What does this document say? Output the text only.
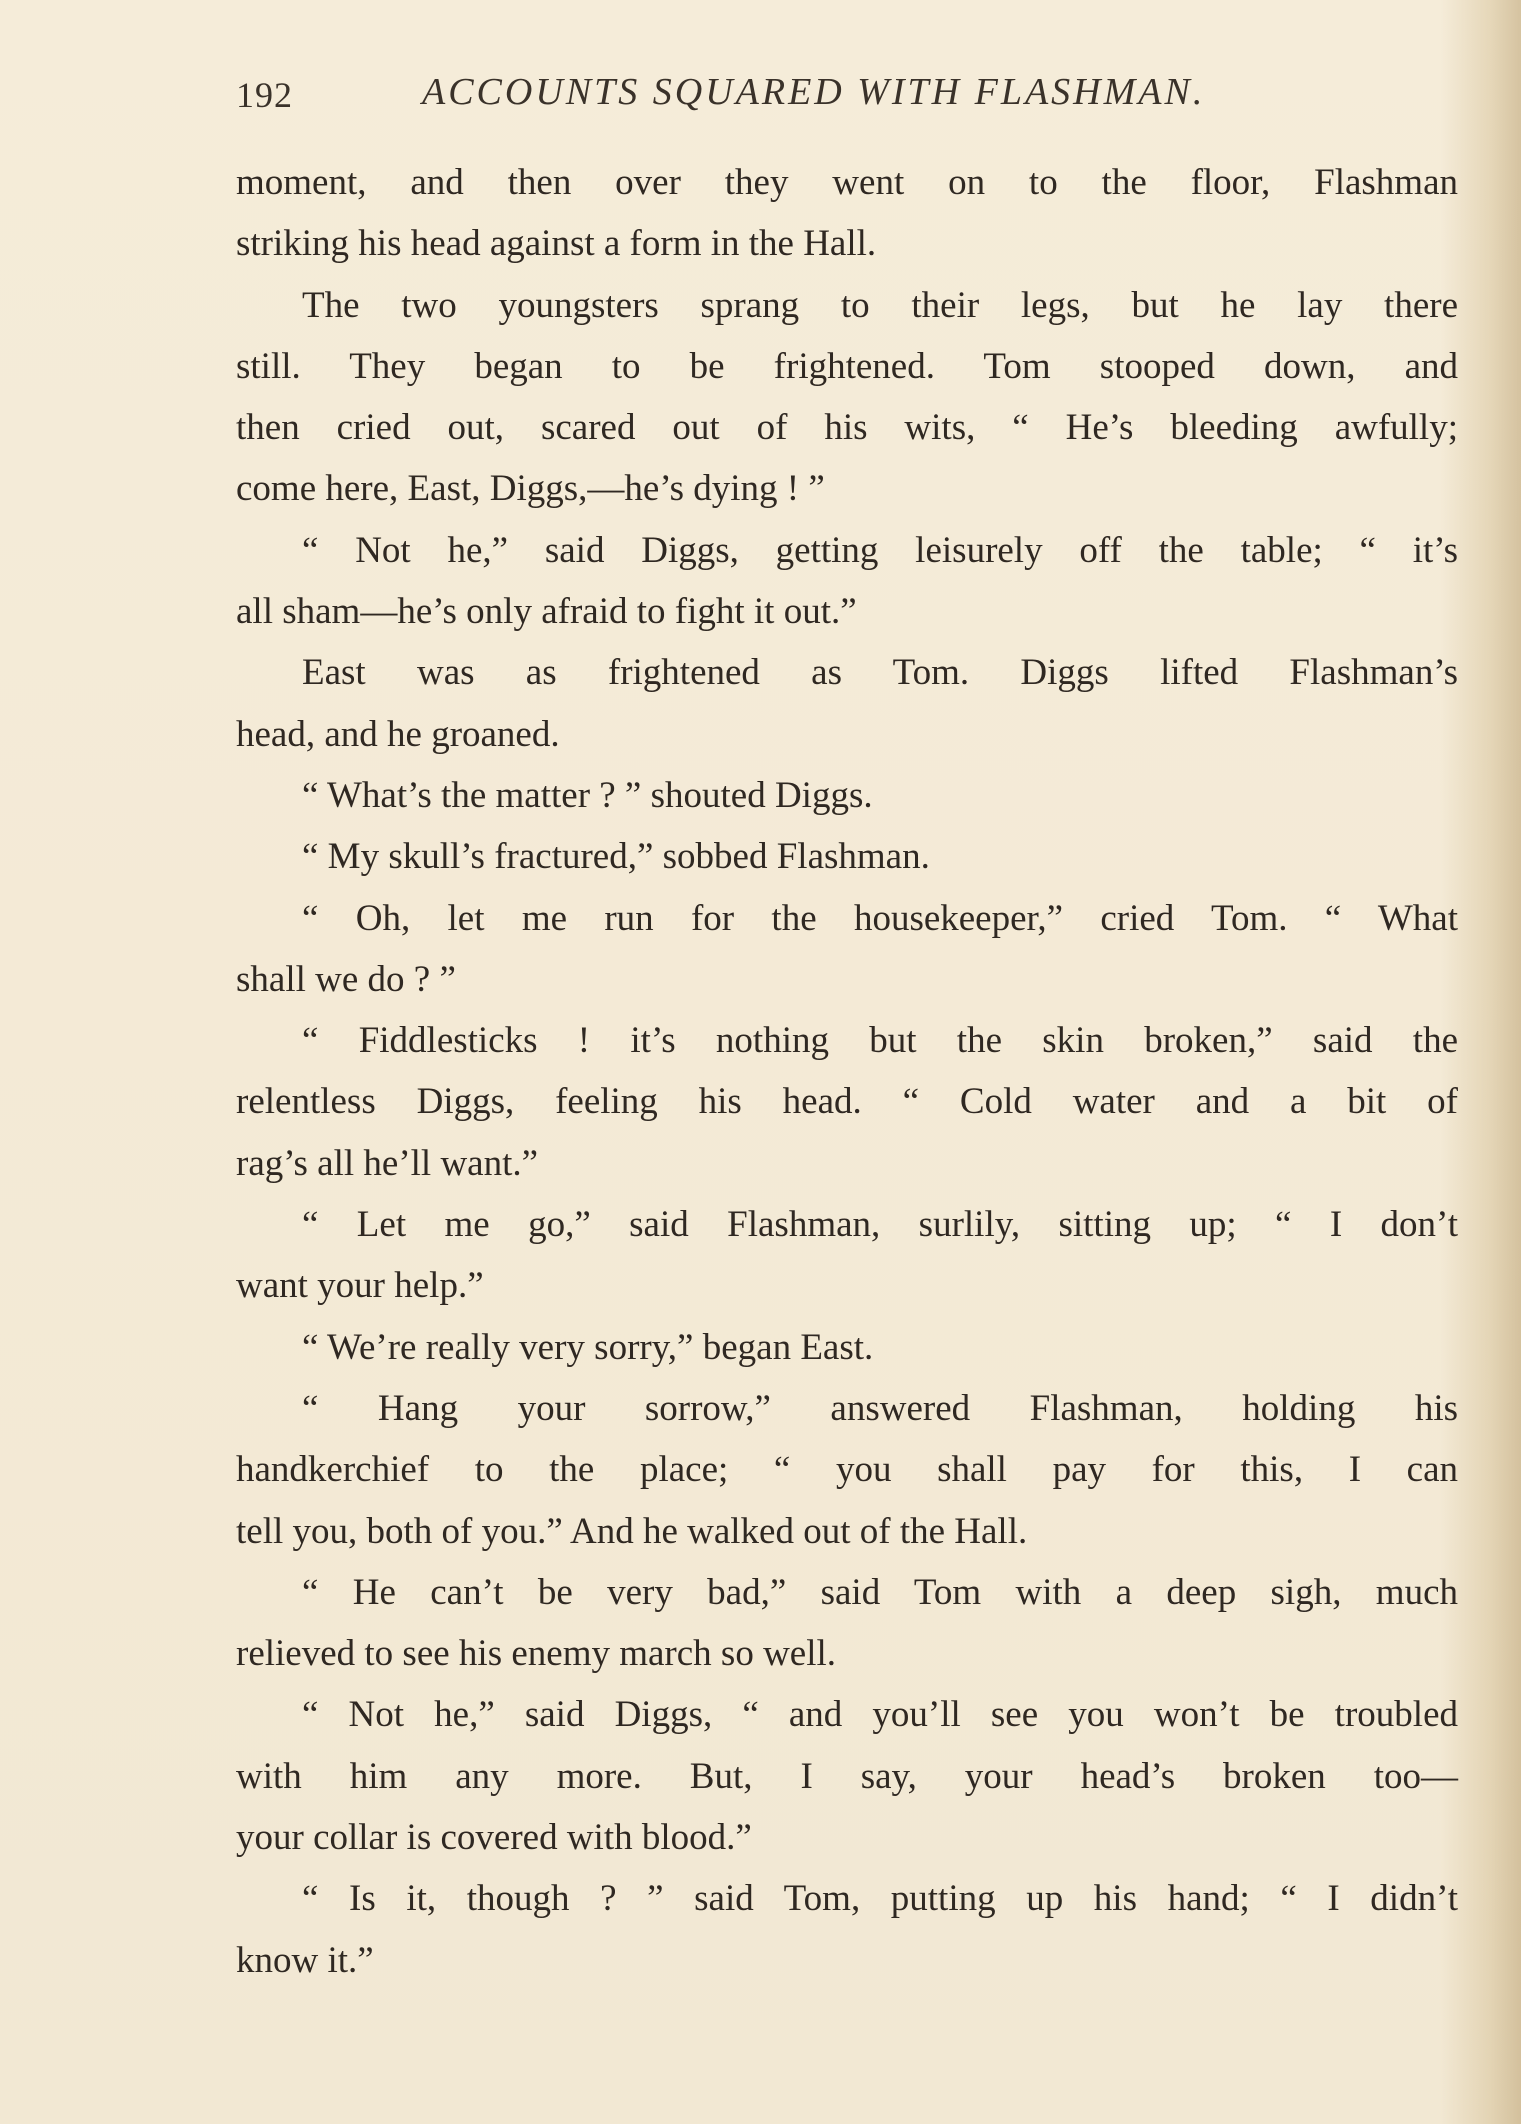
192	ACCOUNTS SQUARED WITH FLASHMAN.
moment, and then over they went on to the floor, Flashman
striking his head against a form in the Hall.
The two youngsters sprang to their legs, but he lay there
still. They began to be frightened. Tom stooped down, and
then cried out, scared out of his wits, “ He’s bleeding awfully;
come here, East, Diggs,—he’s dying ! ”
“ Not he,” said Diggs, getting leisurely off the table; “ it’s
all sham—he’s only afraid to fight it out.”
East was as frightened as Tom. Diggs lifted Flashman’s
head, and he groaned.
“ What’s the matter ? ” shouted Diggs.
“ My skull’s fractured,” sobbed Flashman.
“ Oh, let me run for the housekeeper,” cried Tom. “ What
shall we do ? ”
“ Fiddlesticks ! it’s nothing but the skin broken,” said the
relentless Diggs, feeling his head. “ Cold water and a bit of
rag’s all he’ll want.”
“ Let me go,” said Flashman, surlily, sitting up; “ I don’t
want your help.”
“ We’re really very sorry,” began East.
“ Hang your sorrow,” answered Flashman, holding his
handkerchief to the place; “ you shall pay for this, I can
tell you, both of you.” And he walked out of the Hall.
“ He can’t be very bad,” said Tom with a deep sigh, much
relieved to see his enemy march so well.
“ Not he,” said Diggs, “ and you’ll see you won’t be troubled
with him any more. But, I say, your head’s broken too—
your collar is covered with blood.”
“ Is it, though ? ” said Tom, putting up his hand; “ I didn’t
know it.”
